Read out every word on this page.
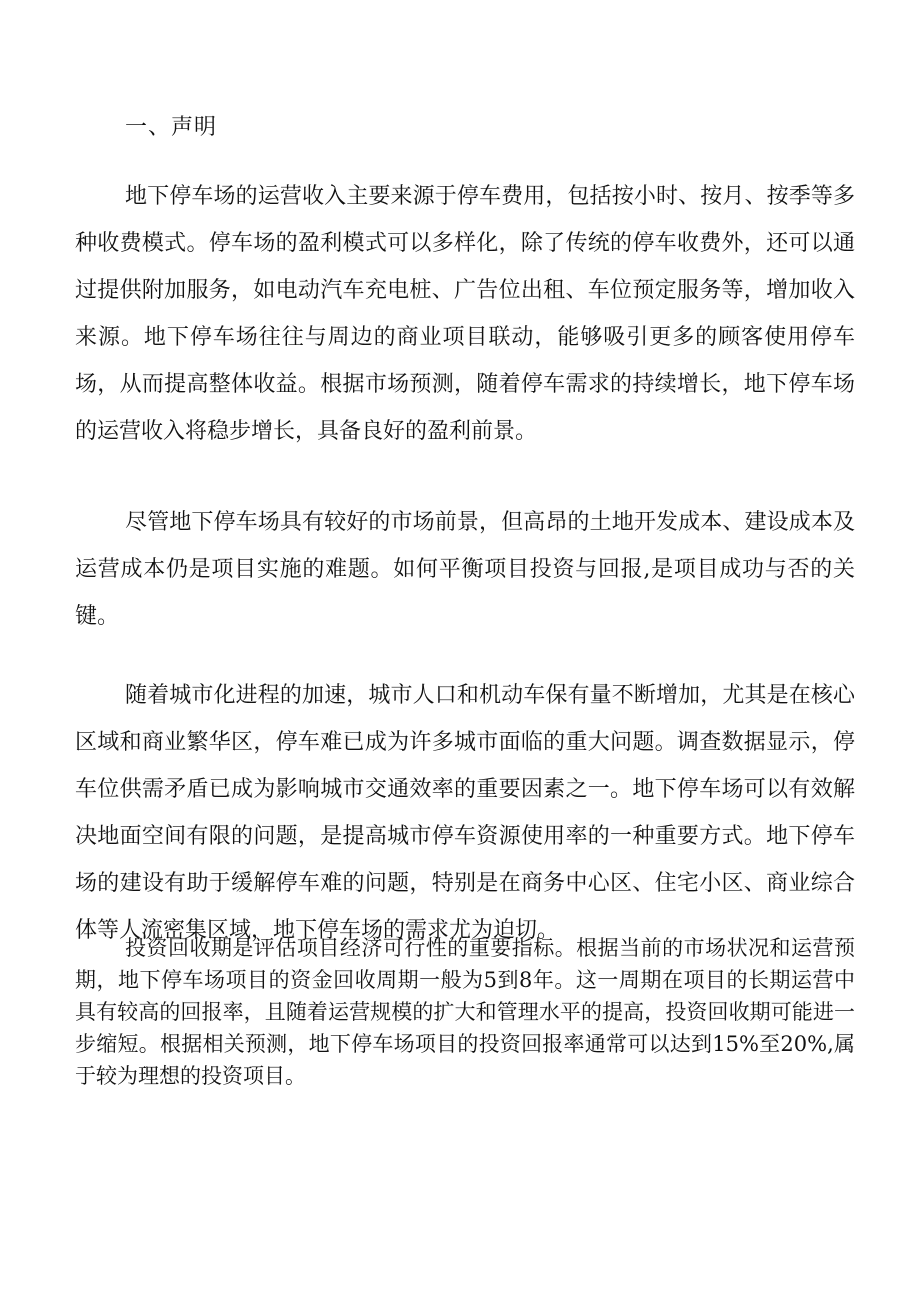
一、声明

地下停车场的运营收入主要来源于停车费用，包括按小时、按月、按季等多种收费模式。停车场的盈利模式可以多样化，除了传统的停车收费外，还可以通过提供附加服务，如电动汽车充电桩、广告位出租、车位预定服务等，增加收入来源。地下停车场往往与周边的商业项目联动，能够吸引更多的顾客使用停车场，从而提高整体收益。根据市场预测，随着停车需求的持续增长，地下停车场的运营收入将稳步增长，具备良好的盈利前景。

尽管地下停车场具有较好的市场前景，但高昂的土地开发成本、建设成本及运营成本仍是项目实施的难题。如何平衡项目投资与回报,是项目成功与否的关键。

随着城市化进程的加速，城市人口和机动车保有量不断增加，尤其是在核心区域和商业繁华区，停车难已成为许多城市面临的重大问题。调查数据显示，停车位供需矛盾已成为影响城市交通效率的重要因素之一。地下停车场可以有效解决地面空间有限的问题，是提高城市停车资源使用率的一种重要方式。地下停车场的建设有助于缓解停车难的问题，特别是在商务中心区、住宅小区、商业综合体等人流密集区域，地下停车场的需求尤为迫切。

投资回收期是评估项目经济可行性的重要指标。根据当前的市场状况和运营预期，地下停车场项目的资金回收周期一般为5到8年。这一周期在项目的长期运营中具有较高的回报率，且随着运营规模的扩大和管理水平的提高，投资回收期可能进一步缩短。根据相关预测，地下停车场项目的投资回报率通常可以达到15%至20%,属于较为理想的投资项目。
